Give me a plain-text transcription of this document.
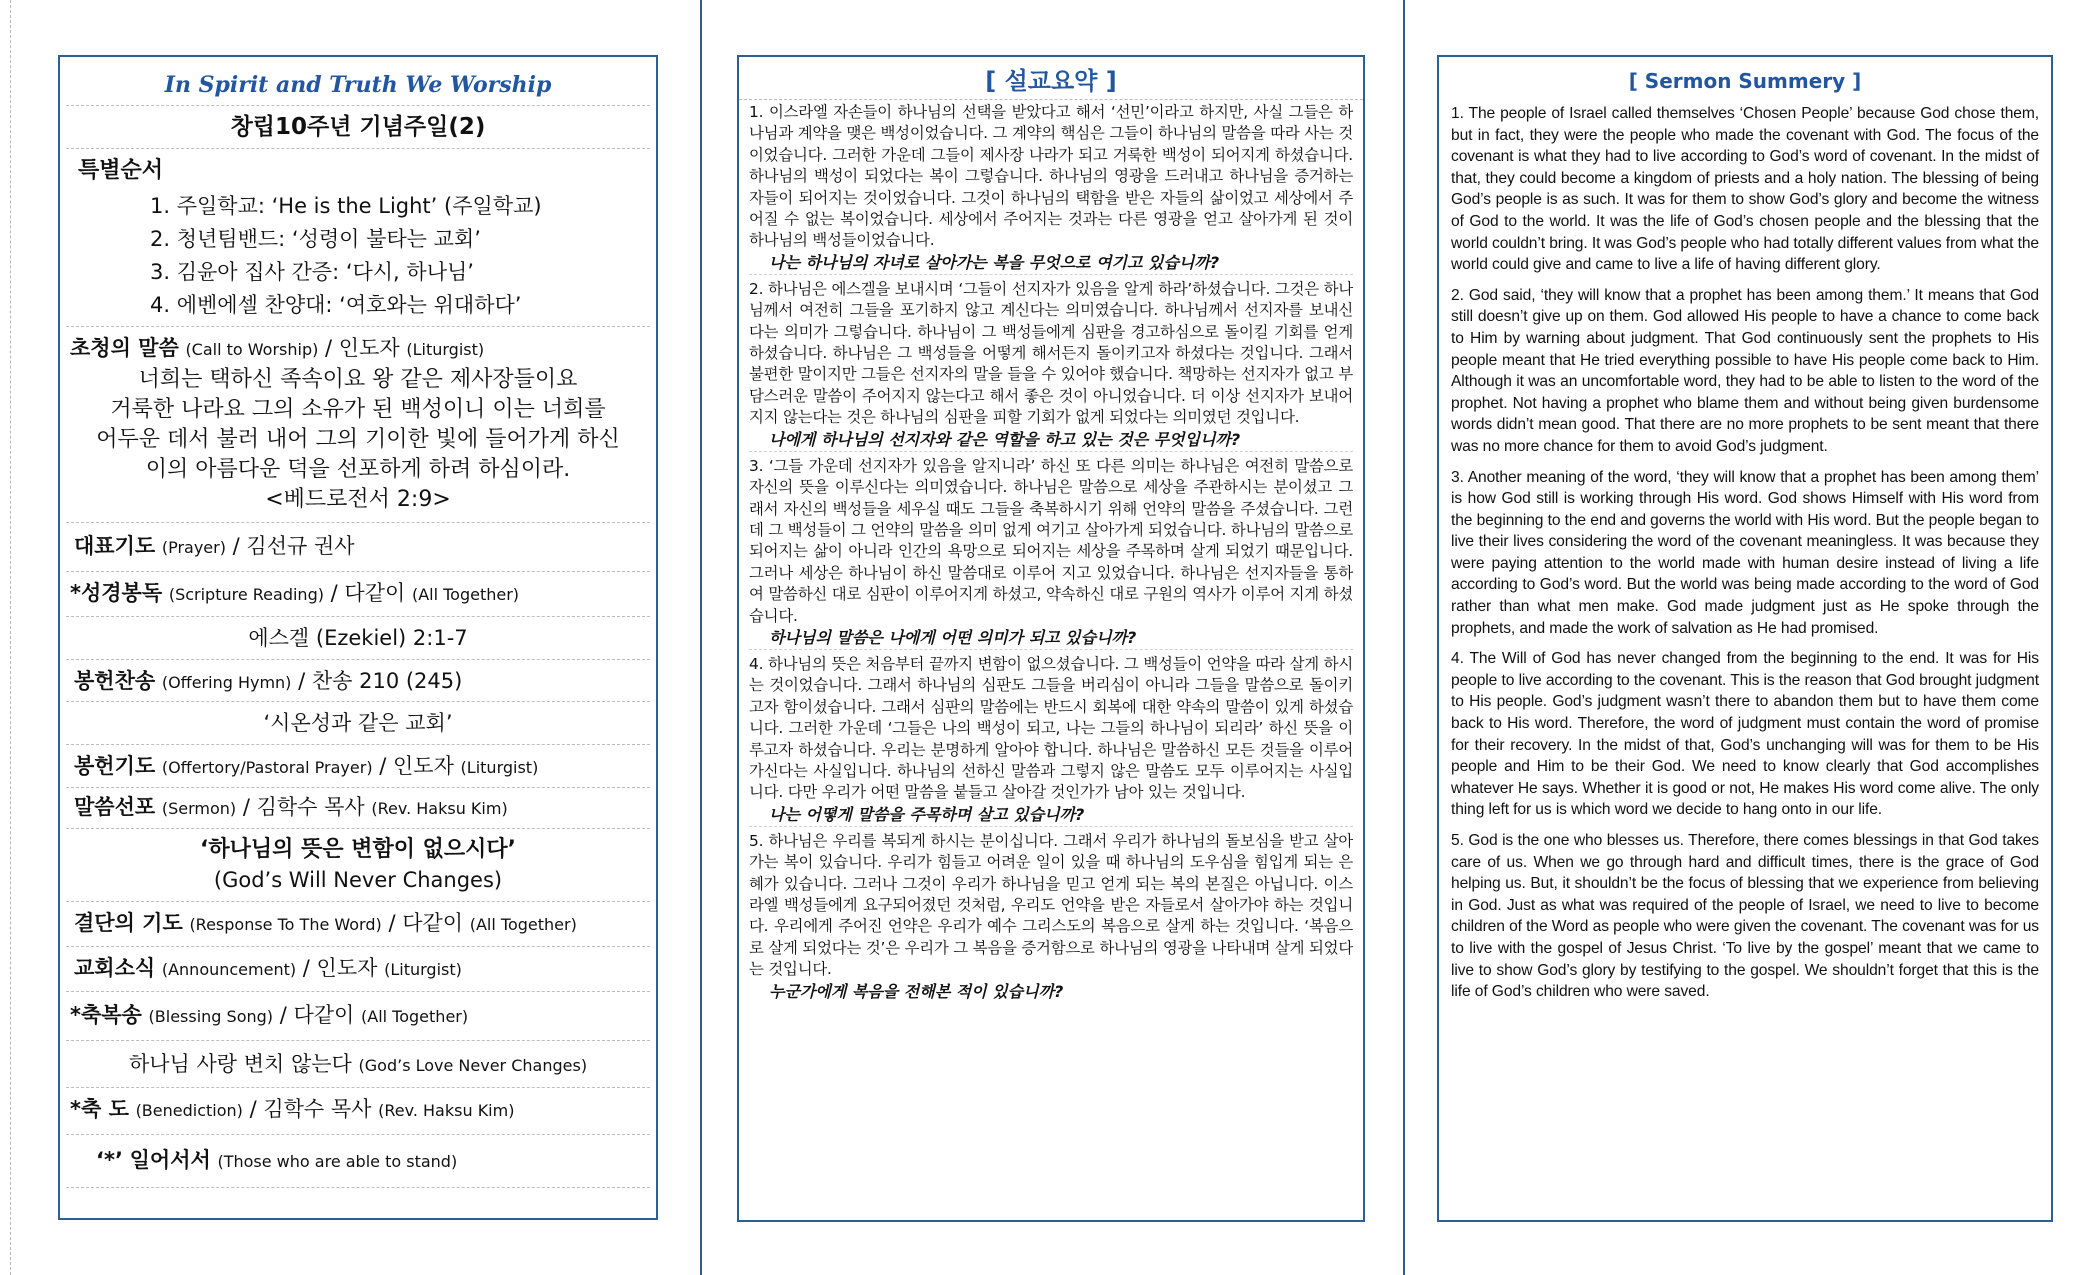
In Spirit and Truth We Worship
창립10주년 기념주일(2)
특별순서
1. 주일학교: ‘He is the Light’ (주일학교)
2. 청년팀밴드: ‘성령이 불타는 교회’
3. 김윤아 집사 간증: ‘다시, 하나님’
4. 에벤에셀 찬양대: ‘여호와는 위대하다’
초청의 말씀 (Call to Worship) / 인도자 (Liturgist)
너희는 택하신 족속이요 왕 같은 제사장들이요
거룩한 나라요 그의 소유가 된 백성이니 이는 너희를
어두운 데서 불러 내어 그의 기이한 빛에 들어가게 하신
이의 아름다운 덕을 선포하게 하려 하심이라.
<베드로전서 2:9>
대표기도 (Prayer) / 김선규 권사
*성경봉독 (Scripture Reading) / 다같이 (All Together)
에스겔 (Ezekiel) 2:1-7
봉헌찬송 (Offering Hymn) / 찬송 210 (245)
‘시온성과 같은 교회’
봉헌기도 (Offertory/Pastoral Prayer) / 인도자 (Liturgist)
말씀선포 (Sermon) / 김학수 목사 (Rev. Haksu Kim)
‘하나님의 뜻은 변함이 없으시다’
(God’s Will Never Changes)
결단의 기도 (Response To The Word) / 다같이 (All Together)
교회소식 (Announcement) / 인도자 (Liturgist)
*축복송 (Blessing Song) / 다같이 (All Together)
하나님 사랑 변치 않는다 (God’s Love Never Changes)
*축 도 (Benediction) / 김학수 목사 (Rev. Haksu Kim)
‘*’ 일어서서 (Those who are able to stand)
[ 설교요약 ]

1. 이스라엘 자손들이 하나님의 선택을 받았다고 해서 ‘선민’이라고 하지만, 사실 그들은 하나님과 계약을 맺은 백성이었습니다. 그 계약의 핵심은 그들이 하나님의 말씀을 따라 사는 것이었습니다. 그러한 가운데 그들이 제사장 나라가 되고 거룩한 백성이 되어지게 하셨습니다. 하나님의 백성이 되었다는 복이 그렇습니다. 하나님의 영광을 드러내고 하나님을 증거하는 자들이 되어지는 것이었습니다. 그것이 하나님의 택함을 받은 자들의 삶이었고 세상에서 주어질 수 없는 복이었습니다. 세상에서 주어지는 것과는 다른 영광을 얻고 살아가게 된 것이 하나님의 백성들이었습니다.

나는 하나님의 자녀로 살아가는 복을 무엇으로 여기고 있습니까?

2. 하나님은 에스겔을 보내시며 ‘그들이 선지자가 있음을 알게 하라’하셨습니다. 그것은 하나님께서 여전히 그들을 포기하지 않고 계신다는 의미였습니다. 하나님께서 선지자를 보내신다는 의미가 그렇습니다. 하나님이 그 백성들에게 심판을 경고하심으로 돌이킬 기회를 얻게 하셨습니다. 하나님은 그 백성들을 어떻게 해서든지 돌이키고자 하셨다는 것입니다. 그래서 불편한 말이지만 그들은 선지자의 말을 들을 수 있어야 했습니다. 책망하는 선지자가 없고 부담스러운 말씀이 주어지지 않는다고 해서 좋은 것이 아니었습니다. 더 이상 선지자가 보내어지지 않는다는 것은 하나님의 심판을 피할 기회가 없게 되었다는 의미였던 것입니다.

나에게 하나님의 선지자와 같은 역할을 하고 있는 것은 무엇입니까?

3. ‘그들 가운데 선지자가 있음을 알지니라’ 하신 또 다른 의미는 하나님은 여전히 말씀으로 자신의 뜻을 이루신다는 의미였습니다. 하나님은 말씀으로 세상을 주관하시는 분이셨고 그래서 자신의 백성들을 세우실 때도 그들을 축복하시기 위해 언약의 말씀을 주셨습니다. 그런데 그 백성들이 그 언약의 말씀을 의미 없게 여기고 살아가게 되었습니다. 하나님의 말씀으로 되어지는 삶이 아니라 인간의 욕망으로 되어지는 세상을 주목하며 살게 되었기 때문입니다. 그러나 세상은 하나님이 하신 말씀대로 이루어 지고 있었습니다. 하나님은 선지자들을 통하여 말씀하신 대로 심판이 이루어지게 하셨고, 약속하신 대로 구원의 역사가 이루어 지게 하셨습니다.

하나님의 말씀은 나에게 어떤 의미가 되고 있습니까?

4. 하나님의 뜻은 처음부터 끝까지 변함이 없으셨습니다. 그 백성들이 언약을 따라 살게 하시는 것이었습니다. 그래서 하나님의 심판도 그들을 버리심이 아니라 그들을 말씀으로 돌이키고자 함이셨습니다. 그래서 심판의 말씀에는 반드시 회복에 대한 약속의 말씀이 있게 하셨습니다. 그러한 가운데 ‘그들은 나의 백성이 되고, 나는 그들의 하나님이 되리라’ 하신 뜻을 이루고자 하셨습니다. 우리는 분명하게 알아야 합니다. 하나님은 말씀하신 모든 것들을 이루어 가신다는 사실입니다. 하나님의 선하신 말씀과 그렇지 않은 말씀도 모두 이루어지는 사실입니다. 다만 우리가 어떤 말씀을 붙들고 살아갈 것인가가 남아 있는 것입니다.

나는 어떻게 말씀을 주목하며 살고 있습니까?

5. 하나님은 우리를 복되게 하시는 분이십니다. 그래서 우리가 하나님의 돌보심을 받고 살아가는 복이 있습니다. 우리가 힘들고 어려운 일이 있을 때 하나님의 도우심을 힘입게 되는 은혜가 있습니다. 그러나 그것이 우리가 하나님을 믿고 얻게 되는 복의 본질은 아닙니다. 이스라엘 백성들에게 요구되어졌던 것처럼, 우리도 언약을 받은 자들로서 살아가야 하는 것입니다. 우리에게 주어진 언약은 우리가 예수 그리스도의 복음으로 살게 하는 것입니다. ‘복음으로 살게 되었다는 것’은 우리가 그 복음을 증거함으로 하나님의 영광을 나타내며 살게 되었다는 것입니다.

누군가에게 복음을 전해본 적이 있습니까?
[ Sermon Summery ]

1. The people of Israel called themselves ‘Chosen People’ because God chose them, but in fact, they were the people who made the covenant with God. The focus of the covenant is what they had to live according to God’s word of covenant. In the midst of that, they could become a kingdom of priests and a holy nation. The blessing of being God’s people is as such. It was for them to show God’s glory and become the witness of God to the world. It was the life of God’s chosen people and the blessing that the world couldn’t bring. It was God’s people who had totally different values from what the world could give and came to live a life of having different glory.

2. God said, ‘they will know that a prophet has been among them.’ It means that God still doesn’t give up on them. God allowed His people to have a chance to come back to Him by warning about judgment. That God continuously sent the prophets to His people meant that He tried everything possible to have His people come back to Him. Although it was an uncomfortable word, they had to be able to listen to the word of the prophet. Not having a prophet who blame them and without being given burdensome words didn’t mean good. That there are no more prophets to be sent meant that there was no more chance for them to avoid God’s judgment.

3. Another meaning of the word, ‘they will know that a prophet has been among them’ is how God still is working through His word. God shows Himself with His word from the beginning to the end and governs the world with His word. But the people began to live their lives considering the word of the covenant meaningless. It was because they were paying attention to the world made with human desire instead of living a life according to God’s word. But the world was being made according to the word of God rather than what men make. God made judgment just as He spoke through the prophets, and made the work of salvation as He had promised.

4. The Will of God has never changed from the beginning to the end. It was for His people to live according to the covenant. This is the reason that God brought judgment to His people. God’s judgment wasn’t there to abandon them but to have them come back to His word. Therefore, the word of judgment must contain the word of promise for their recovery. In the midst of that, God’s unchanging will was for them to be His people and Him to be their God. We need to know clearly that God accomplishes whatever He says. Whether it is good or not, He makes His word come alive. The only thing left for us is which word we decide to hang onto in our life.

5. God is the one who blesses us. Therefore, there comes blessings in that God takes care of us. When we go through hard and difficult times, there is the grace of God helping us. But, it shouldn’t be the focus of blessing that we experience from believing in God. Just as what was required of the people of Israel, we need to live to become children of the Word as people who were given the covenant. The covenant was for us to live with the gospel of Jesus Christ. ‘To live by the gospel’ meant that we came to live to show God’s glory by testifying to the gospel. We shouldn’t forget that this is the life of God’s children who were saved.
